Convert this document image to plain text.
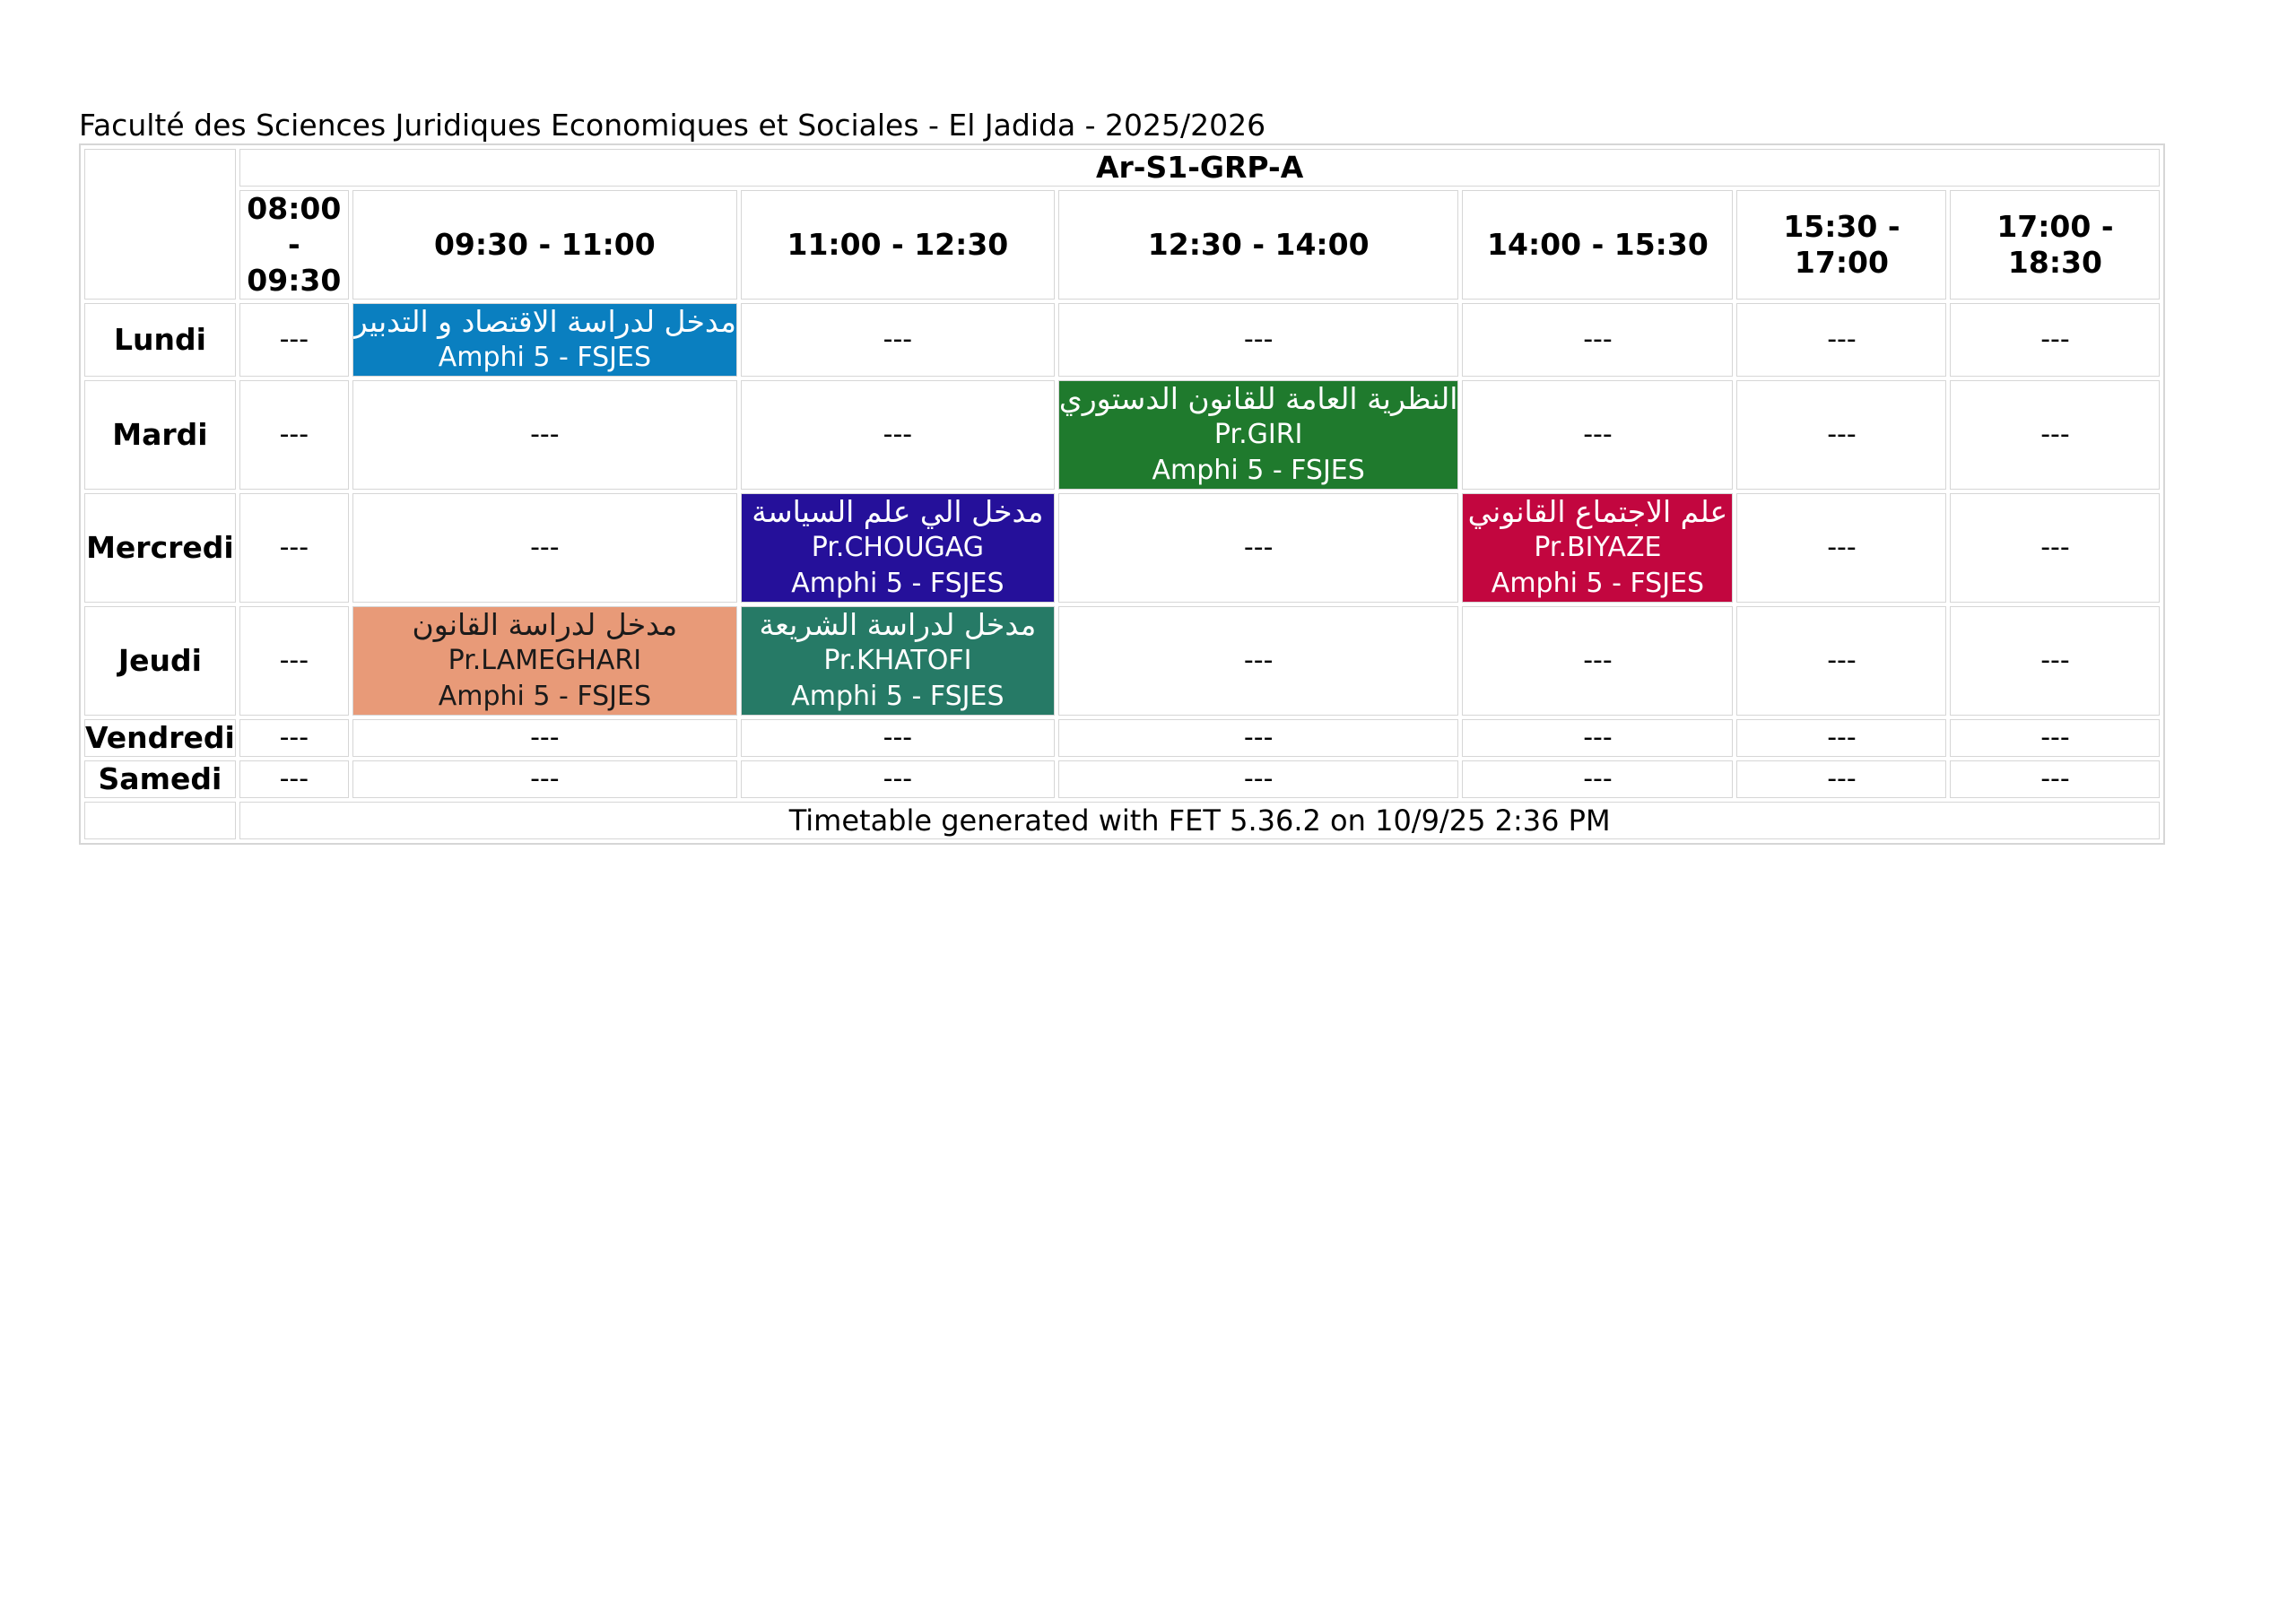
Faculté des Sciences Juridiques Economiques et Sociales - El Jadida - 2025/2026
	Ar-S1-GRP-A						

	08:00
-
09:30	09:30 - 11:00	11:00 - 12:30	12:30 - 14:00	14:00 - 15:30	15:30 - 17:00	17:00 - 18:30
Lundi	---	مدخل لدراسة الاقتصاد و التدبير
Amphi 5 - FSJES	---	---	---	---	---
Mardi	---	---	---	النظرية العامة للقانون الدستوري
Pr.GIRI
Amphi 5 - FSJES	---	---	---
Mercredi	---	---	مدخل الي علم السياسة
Pr.CHOUGAG
Amphi 5 - FSJES	---	علم الاجتماع القانوني
Pr.BIYAZE
Amphi 5 - FSJES	---	---
Jeudi	---	مدخل لدراسة القانون
Pr.LAMEGHARI
Amphi 5 - FSJES	مدخل لدراسة الشريعة
Pr.KHATOFI
Amphi 5 - FSJES	---	---	---	---
Vendredi	---	---	---	---	---	---	---
Samedi	---	---	---	---	---	---	---
	Timetable generated with FET 5.36.2 on 10/9/25 2:36 PM						
